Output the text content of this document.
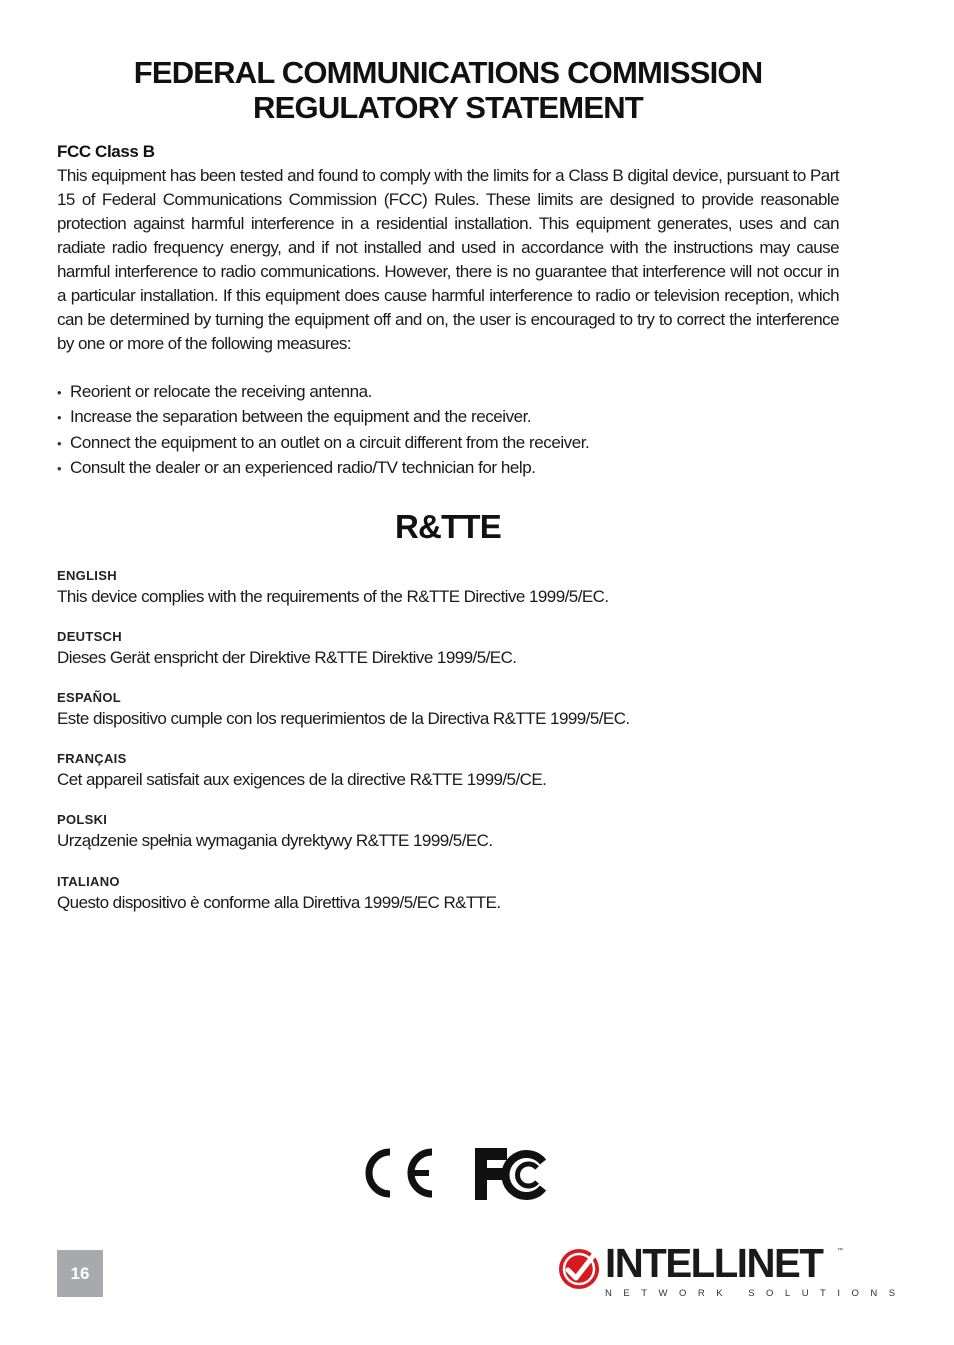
FEDERAL COMMUNICATIONS COMMISSION
REGULATORY STATEMENT
FCC Class B
This equipment has been tested and found to comply with the limits for a Class B digital device, pursuant to Part 15 of Federal Communications Commission (FCC) Rules. These limits are designed to provide reasonable protection against harmful interference in a residential installation. This equipment generates, uses and can radiate radio frequency energy, and if not installed and used in accordance with the instructions may cause harmful interference to radio communications. However, there is no guarantee that interference will not occur in a particular installation. If this equipment does cause harmful interference to radio or television reception, which can be determined by turning the equipment off and on, the user is encouraged to try to correct the interference by one or more of the following measures:
• Reorient or relocate the receiving antenna.
• Increase the separation between the equipment and the receiver.
• Connect the equipment to an outlet on a circuit different from the receiver.
• Consult the dealer or an experienced radio/TV technician for help.
R&TTE
ENGLISH
This device complies with the requirements of the R&TTE Directive 1999/5/EC.
DEUTSCH
Dieses Gerät enspricht der Direktive R&TTE Direktive 1999/5/EC.
ESPAÑOL
Este dispositivo cumple con los requerimientos de la Directiva R&TTE 1999/5/EC.
FRANÇAIS
Cet appareil satisfait aux exigences de la directive R&TTE 1999/5/CE.
POLSKI
Urządzenie spełnia wymagania dyrektywy R&TTE 1999/5/EC.
ITALIANO
Questo dispositivo è conforme alla Direttiva 1999/5/EC R&TTE.
16	INTELLINET ™
NETWORK SOLUTIONS
